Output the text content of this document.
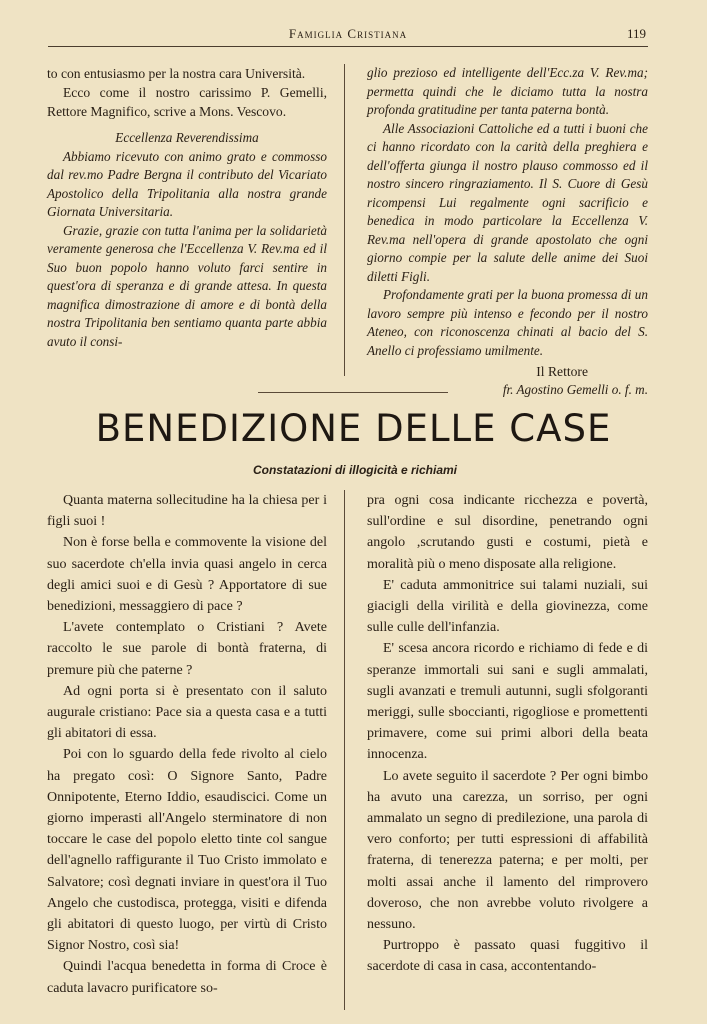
Famiglia Cristiana	119

to con entusiasmo per la nostra cara Università.

Ecco come il nostro carissimo P. Gemelli, Rettore Magnifico, scrive a Mons. Vescovo.

Eccellenza Reverendissima

Abbiamo ricevuto con animo grato e commosso dal rev.mo Padre Bergna il contributo del Vicariato Apostolico della Tripolitania alla nostra grande Giornata Universitaria.

Grazie, grazie con tutta l'anima per la solidarietà veramente generosa che l'Eccellenza V. Rev.ma ed il Suo buon popolo hanno voluto farci sentire in quest'ora di speranza e di grande attesa. In questa magnifica dimostrazione di amore e di bontà della nostra Tripolitania ben sentiamo quanta parte abbia avuto il consi-

glio prezioso ed intelligente dell'Ecc.za V. Rev.ma; permetta quindi che le diciamo tutta la nostra profonda gratitudine per tanta paterna bontà.

Alle Associazioni Cattoliche ed a tutti i buoni che ci hanno ricordato con la carità della preghiera e dell'offerta giunga il nostro plauso commosso ed il nostro sincero ringraziamento. Il S. Cuore di Gesù ricompensi Lui regalmente ogni sacrificio e benedica in modo particolare la Eccellenza V. Rev.ma nell'opera di grande apostolato che ogni giorno compie per la salute delle anime dei Suoi diletti Figli.

Profondamente grati per la buona promessa di un lavoro sempre più intenso e fecondo per il nostro Ateneo, con riconoscenza chinati al bacio del S. Anello ci professiamo umilmente.

Il Rettore

fr. Agostino Gemelli o. f. m.

BENEDIZIONE DELLE CASE
Constatazioni di illogicità e richiami

Quanta materna sollecitudine ha la chiesa per i figli suoi !

Non è forse bella e commovente la visione del suo sacerdote ch'ella invia quasi angelo in cerca degli amici suoi e di Gesù ? Apportatore di sue benedizioni, messaggiero di pace ?

L'avete contemplato o Cristiani ? Avete raccolto le sue parole di bontà fraterna, di premure più che paterne ?

Ad ogni porta si è presentato con il saluto augurale cristiano: Pace sia a questa casa e a tutti gli abitatori di essa.

Poi con lo sguardo della fede rivolto al cielo ha pregato così: O Signore Santo, Padre Onnipotente, Eterno Iddio, esaudiscici. Come un giorno imperasti all'Angelo sterminatore di non toccare le case del popolo eletto tinte col sangue dell'agnello raffigurante il Tuo Cristo immolato e Salvatore; così degnati inviare in quest'ora il Tuo Angelo che custodisca, protegga, visiti e difenda gli abitatori di questo luogo, per virtù di Cristo Signor Nostro, così sia!

Quindi l'acqua benedetta in forma di Croce è caduta lavacro purificatore so-

pra ogni cosa indicante ricchezza e povertà, sull'ordine e sul disordine, penetrando ogni angolo ,scrutando gusti e costumi, pietà e moralità più o meno disposate alla religione.

E' caduta ammonitrice sui talami nuziali, sui giacigli della virilità e della giovinezza, come sulle culle dell'infanzia.

E' scesa ancora ricordo e richiamo di fede e di speranze immortali sui sani e sugli ammalati, sugli avanzati e tremuli autunni, sugli sfolgoranti meriggi, sulle sboccianti, rigogliose e promettenti primavere, come sui primi albori della beata innocenza.

Lo avete seguito il sacerdote ? Per ogni bimbo ha avuto una carezza, un sorriso, per ogni ammalato un segno di predilezione, una parola di vero conforto; per tutti espressioni di affabilità fraterna, di tenerezza paterna; e per molti, per molti assai anche il lamento del rimprovero doveroso, che non avrebbe voluto rivolgere a nessuno.

Purtroppo è passato quasi fuggitivo il sacerdote di casa in casa, accontentando-
